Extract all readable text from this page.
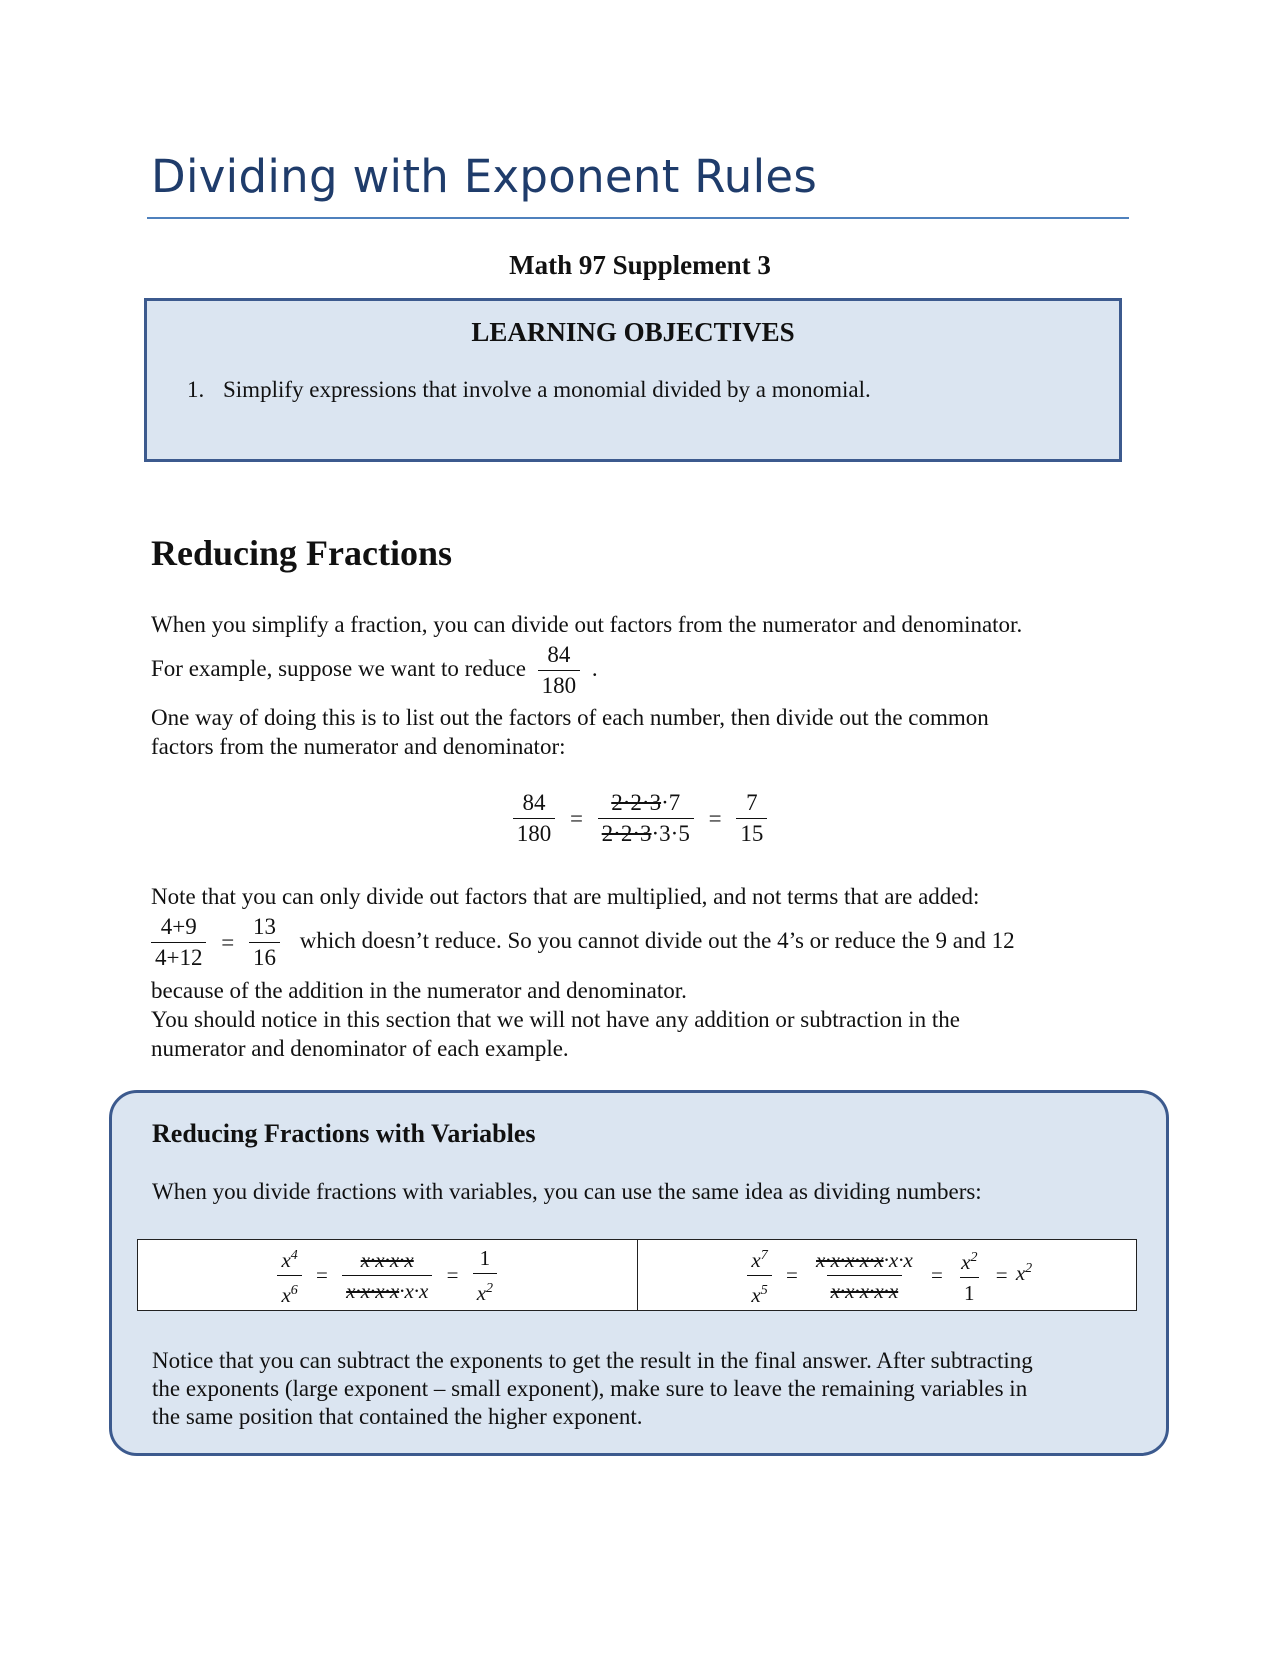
Dividing with Exponent Rules
Math 97 Supplement 3
LEARNING OBJECTIVES
1. Simplify expressions that involve a monomial divided by a monomial.
Reducing Fractions

When you simplify a fraction, you can divide out factors from the numerator and denominator.

For example, suppose we want to reduce $\frac{84}{180}$ .

One way of doing this is to list out the factors of each number, then divide out the common
factors from the numerator and denominator:

$\frac{84}{180} = \frac{2\cdot 2\cdot 3\cdot 7}{2\cdot 2\cdot 3\cdot 3\cdot 5} = \frac{7}{15}$

Note that you can only divide out factors that are multiplied, and not terms that are added:

$\frac{4+9}{4+12} = \frac{13}{16}$ which doesn’t reduce. So you cannot divide out the 4’s or reduce the 9 and 12

because of the addition in the numerator and denominator.
You should notice in this section that we will not have any addition or subtraction in the
numerator and denominator of each example.

Reducing Fractions with Variables

When you divide fractions with variables, you can use the same idea as dividing numbers:

$\frac{x^4}{x^6} = \frac{x\cdot x\cdot x\cdot x}{x\cdot x\cdot x\cdot x\cdot x\cdot x} = \frac{1}{x^2}$	$\frac{x^7}{x^5} = \frac{x\cdot x\cdot x\cdot x\cdot x\cdot x\cdot x}{x\cdot x\cdot x\cdot x\cdot x} = \frac{x^2}{1} = x^2$

Notice that you can subtract the exponents to get the result in the final answer. After subtracting
the exponents (large exponent – small exponent), make sure to leave the remaining variables in
the same position that contained the higher exponent.
